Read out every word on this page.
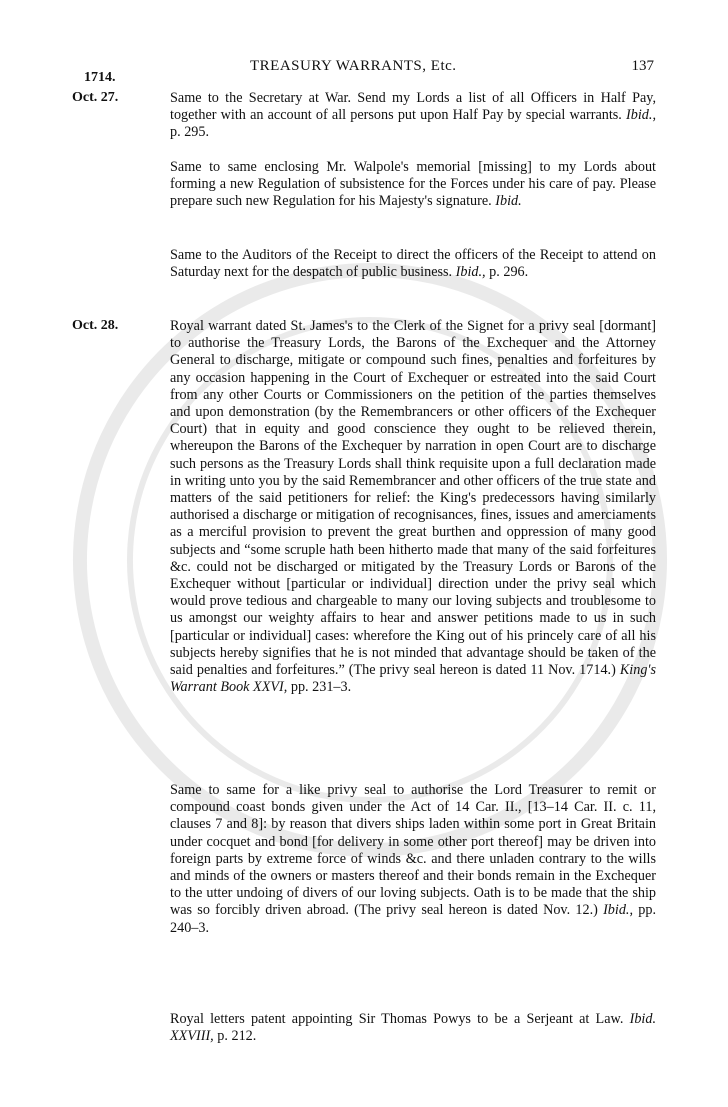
1714.
TREASURY WARRANTS, Etc.	137
Oct. 27.
Oct. 28.

Same to the Secretary at War. Send my Lords a list of all Officers in Half Pay, together with an account of all persons put upon Half Pay by special warrants. Ibid., p. 295.

Same to same enclosing Mr. Walpole's memorial [missing] to my Lords about forming a new Regulation of subsistence for the Forces under his care of pay. Please prepare such new Regulation for his Majesty's signature. Ibid.

Same to the Auditors of the Receipt to direct the officers of the Receipt to attend on Saturday next for the despatch of public business. Ibid., p. 296.

Royal warrant dated St. James's to the Clerk of the Signet for a privy seal [dormant] to authorise the Treasury Lords, the Barons of the Exchequer and the Attorney General to discharge, mitigate or compound such fines, penalties and forfeitures by any occasion happening in the Court of Exchequer or estreated into the said Court from any other Courts or Commissioners on the petition of the parties themselves and upon demonstration (by the Remembrancers or other officers of the Exchequer Court) that in equity and good conscience they ought to be relieved therein, whereupon the Barons of the Exchequer by narration in open Court are to discharge such persons as the Treasury Lords shall think requisite upon a full declaration made in writing unto you by the said Remembrancer and other officers of the true state and matters of the said petitioners for relief: the King's predecessors having similarly authorised a discharge or mitigation of recognisances, fines, issues and amerciaments as a merciful provision to prevent the great burthen and oppression of many good subjects and “some scruple hath been hitherto made that many of the said forfeitures &c. could not be discharged or mitigated by the Treasury Lords or Barons of the Exchequer without [particular or individual] direction under the privy seal which would prove tedious and chargeable to many our loving subjects and troublesome to us amongst our weighty affairs to hear and answer petitions made to us in such [particular or individual] cases: wherefore the King out of his princely care of all his subjects hereby signifies that he is not minded that advantage should be taken of the said penalties and forfeitures.” (The privy seal hereon is dated 11 Nov. 1714.) King's Warrant Book XXVI, pp. 231–3.

Same to same for a like privy seal to authorise the Lord Treasurer to remit or compound coast bonds given under the Act of 14 Car. II., [13–14 Car. II. c. 11, clauses 7 and 8]: by reason that divers ships laden within some port in Great Britain under cocquet and bond [for delivery in some other port thereof] may be driven into foreign parts by extreme force of winds &c. and there unladen contrary to the wills and minds of the owners or masters thereof and their bonds remain in the Exchequer to the utter undoing of divers of our loving subjects. Oath is to be made that the ship was so forcibly driven abroad. (The privy seal hereon is dated Nov. 12.) Ibid., pp. 240–3.

Royal letters patent appointing Sir Thomas Powys to be a Serjeant at Law. Ibid. XXVIII, p. 212.
